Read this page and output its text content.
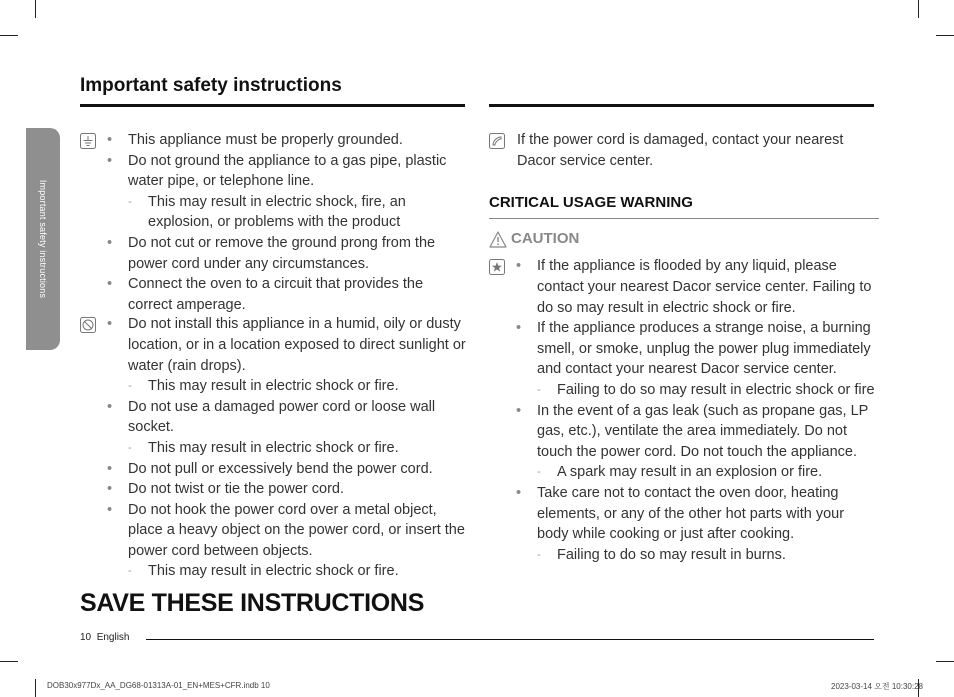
Important safety instructions
Important safety instructions
• This appliance must be properly grounded.
• Do not ground the appliance to a gas pipe, plastic water pipe, or telephone line.
- This may result in electric shock, fire, an explosion, or problems with the product
• Do not cut or remove the ground prong from the power cord under any circumstances.
• Connect the oven to a circuit that provides the correct amperage.
• Do not install this appliance in a humid, oily or dusty location, or in a location exposed to direct sunlight or water (rain drops).
- This may result in electric shock or fire.
• Do not use a damaged power cord or loose wall socket.
- This may result in electric shock or fire.
• Do not pull or excessively bend the power cord.
• Do not twist or tie the power cord.
• Do not hook the power cord over a metal object, place a heavy object on the power cord, or insert the power cord between objects.
- This may result in electric shock or fire.
If the power cord is damaged, contact your nearest Dacor service center.
CRITICAL USAGE WARNING
CAUTION
• If the appliance is flooded by any liquid, please contact your nearest Dacor service center. Failing to do so may result in electric shock or fire.
• If the appliance produces a strange noise, a burning smell, or smoke, unplug the power plug immediately and contact your nearest Dacor service center.
- Failing to do so may result in electric shock or fire
• In the event of a gas leak (such as propane gas, LP gas, etc.), ventilate the area immediately. Do not touch the power cord. Do not touch the appliance.
- A spark may result in an explosion or fire.
• Take care not to contact the oven door, heating elements, or any of the other hot parts with your body while cooking or just after cooking.
- Failing to do so may result in burns.
SAVE THESE INSTRUCTIONS
10 English
DOB30x977Dx_AA_DG68-01313A-01_EN+MES+CFR.indb 10	2023-03-14 오전 10:30:28
